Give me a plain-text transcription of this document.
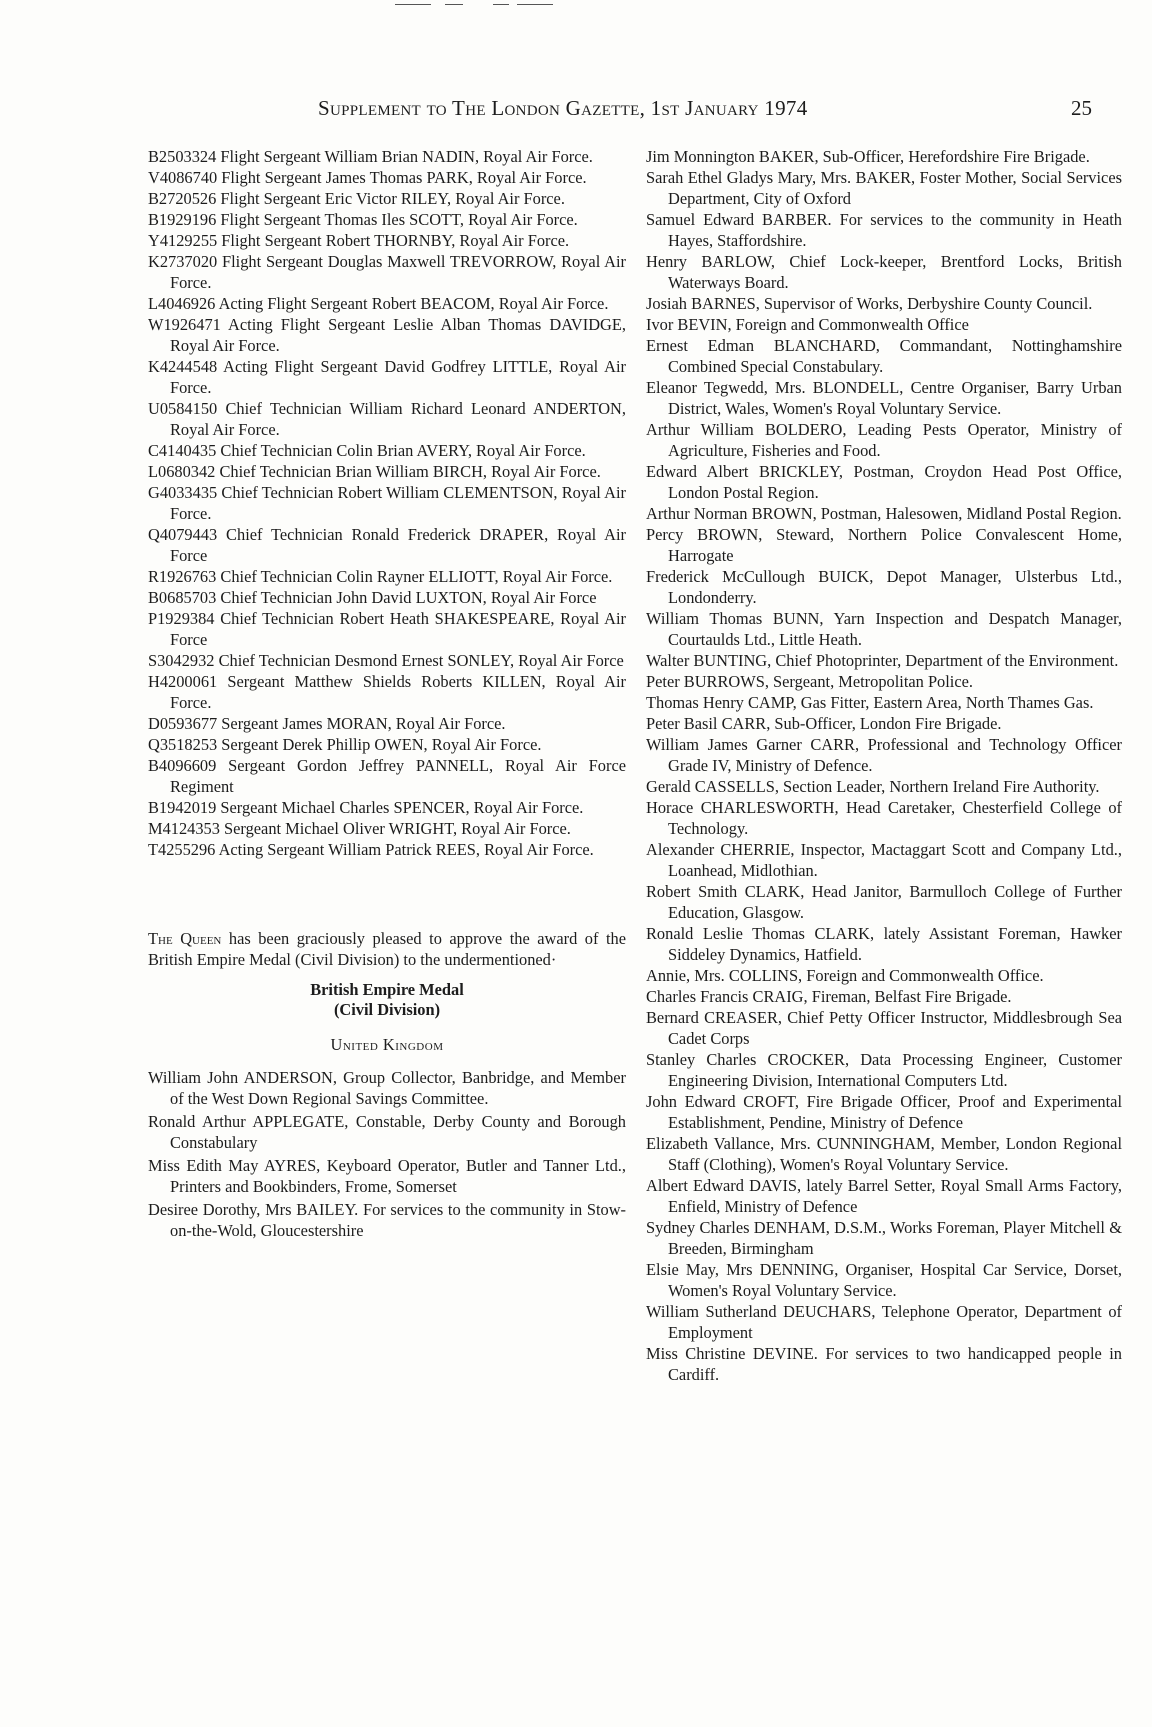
Supplement to The London Gazette, 1st January 1974	25

B2503324 Flight Sergeant William Brian NADIN, Royal Air Force.

V4086740 Flight Sergeant James Thomas PARK, Royal Air Force.

B2720526 Flight Sergeant Eric Victor RILEY, Royal Air Force.

B1929196 Flight Sergeant Thomas Iles SCOTT, Royal Air Force.

Y4129255 Flight Sergeant Robert THORNBY, Royal Air Force.

K2737020 Flight Sergeant Douglas Maxwell TREVORROW, Royal Air Force.

L4046926 Acting Flight Sergeant Robert BEACOM, Royal Air Force.

W1926471 Acting Flight Sergeant Leslie Alban Thomas DAVIDGE, Royal Air Force.

K4244548 Acting Flight Sergeant David Godfrey LITTLE, Royal Air Force.

U0584150 Chief Technician William Richard Leonard ANDERTON, Royal Air Force.

C4140435 Chief Technician Colin Brian AVERY, Royal Air Force.

L0680342 Chief Technician Brian William BIRCH, Royal Air Force.

G4033435 Chief Technician Robert William CLEMENTSON, Royal Air Force.

Q4079443 Chief Technician Ronald Frederick DRAPER, Royal Air Force

R1926763 Chief Technician Colin Rayner ELLIOTT, Royal Air Force.

B0685703 Chief Technician John David LUXTON, Royal Air Force

P1929384 Chief Technician Robert Heath SHAKESPEARE, Royal Air Force

S3042932 Chief Technician Desmond Ernest SONLEY, Royal Air Force

H4200061 Sergeant Matthew Shields Roberts KILLEN, Royal Air Force.

D0593677 Sergeant James MORAN, Royal Air Force.

Q3518253 Sergeant Derek Phillip OWEN, Royal Air Force.

B4096609 Sergeant Gordon Jeffrey PANNELL, Royal Air Force Regiment

B1942019 Sergeant Michael Charles SPENCER, Royal Air Force.

M4124353 Sergeant Michael Oliver WRIGHT, Royal Air Force.

T4255296 Acting Sergeant William Patrick REES, Royal Air Force.

The Queen has been graciously pleased to approve the award of the British Empire Medal (Civil Division) to the undermentioned·

British Empire Medal
(Civil Division)
United Kingdom

William John ANDERSON, Group Collector, Banbridge, and Member of the West Down Regional Savings Committee.

Ronald Arthur APPLEGATE, Constable, Derby County and Borough Constabulary

Miss Edith May AYRES, Keyboard Operator, Butler and Tanner Ltd., Printers and Bookbinders, Frome, Somerset

Desiree Dorothy, Mrs BAILEY. For services to the community in Stow-on-the-Wold, Gloucestershire

Jim Monnington BAKER, Sub-Officer, Herefordshire Fire Brigade.

Sarah Ethel Gladys Mary, Mrs. BAKER, Foster Mother, Social Services Department, City of Oxford

Samuel Edward BARBER. For services to the community in Heath Hayes, Staffordshire.

Henry BARLOW, Chief Lock-keeper, Brentford Locks, British Waterways Board.

Josiah BARNES, Supervisor of Works, Derbyshire County Council.

Ivor BEVIN, Foreign and Commonwealth Office

Ernest Edman BLANCHARD, Commandant, Nottinghamshire Combined Special Constabulary.

Eleanor Tegwedd, Mrs. BLONDELL, Centre Organiser, Barry Urban District, Wales, Women's Royal Voluntary Service.

Arthur William BOLDERO, Leading Pests Operator, Ministry of Agriculture, Fisheries and Food.

Edward Albert BRICKLEY, Postman, Croydon Head Post Office, London Postal Region.

Arthur Norman BROWN, Postman, Halesowen, Midland Postal Region.

Percy BROWN, Steward, Northern Police Convalescent Home, Harrogate

Frederick McCullough BUICK, Depot Manager, Ulsterbus Ltd., Londonderry.

William Thomas BUNN, Yarn Inspection and Despatch Manager, Courtaulds Ltd., Little Heath.

Walter BUNTING, Chief Photoprinter, Department of the Environment.

Peter BURROWS, Sergeant, Metropolitan Police.

Thomas Henry CAMP, Gas Fitter, Eastern Area, North Thames Gas.

Peter Basil CARR, Sub-Officer, London Fire Brigade.

William James Garner CARR, Professional and Technology Officer Grade IV, Ministry of Defence.

Gerald CASSELLS, Section Leader, Northern Ireland Fire Authority.

Horace CHARLESWORTH, Head Caretaker, Chesterfield College of Technology.

Alexander CHERRIE, Inspector, Mactaggart Scott and Company Ltd., Loanhead, Midlothian.

Robert Smith CLARK, Head Janitor, Barmulloch College of Further Education, Glasgow.

Ronald Leslie Thomas CLARK, lately Assistant Foreman, Hawker Siddeley Dynamics, Hatfield.

Annie, Mrs. COLLINS, Foreign and Commonwealth Office.

Charles Francis CRAIG, Fireman, Belfast Fire Brigade.

Bernard CREASER, Chief Petty Officer Instructor, Middlesbrough Sea Cadet Corps

Stanley Charles CROCKER, Data Processing Engineer, Customer Engineering Division, International Computers Ltd.

John Edward CROFT, Fire Brigade Officer, Proof and Experimental Establishment, Pendine, Ministry of Defence

Elizabeth Vallance, Mrs. CUNNINGHAM, Member, London Regional Staff (Clothing), Women's Royal Voluntary Service.

Albert Edward DAVIS, lately Barrel Setter, Royal Small Arms Factory, Enfield, Ministry of Defence

Sydney Charles DENHAM, D.S.M., Works Foreman, Player Mitchell & Breeden, Birmingham

Elsie May, Mrs DENNING, Organiser, Hospital Car Service, Dorset, Women's Royal Voluntary Service.

William Sutherland DEUCHARS, Telephone Operator, Department of Employment

Miss Christine DEVINE. For services to two handicapped people in Cardiff.
